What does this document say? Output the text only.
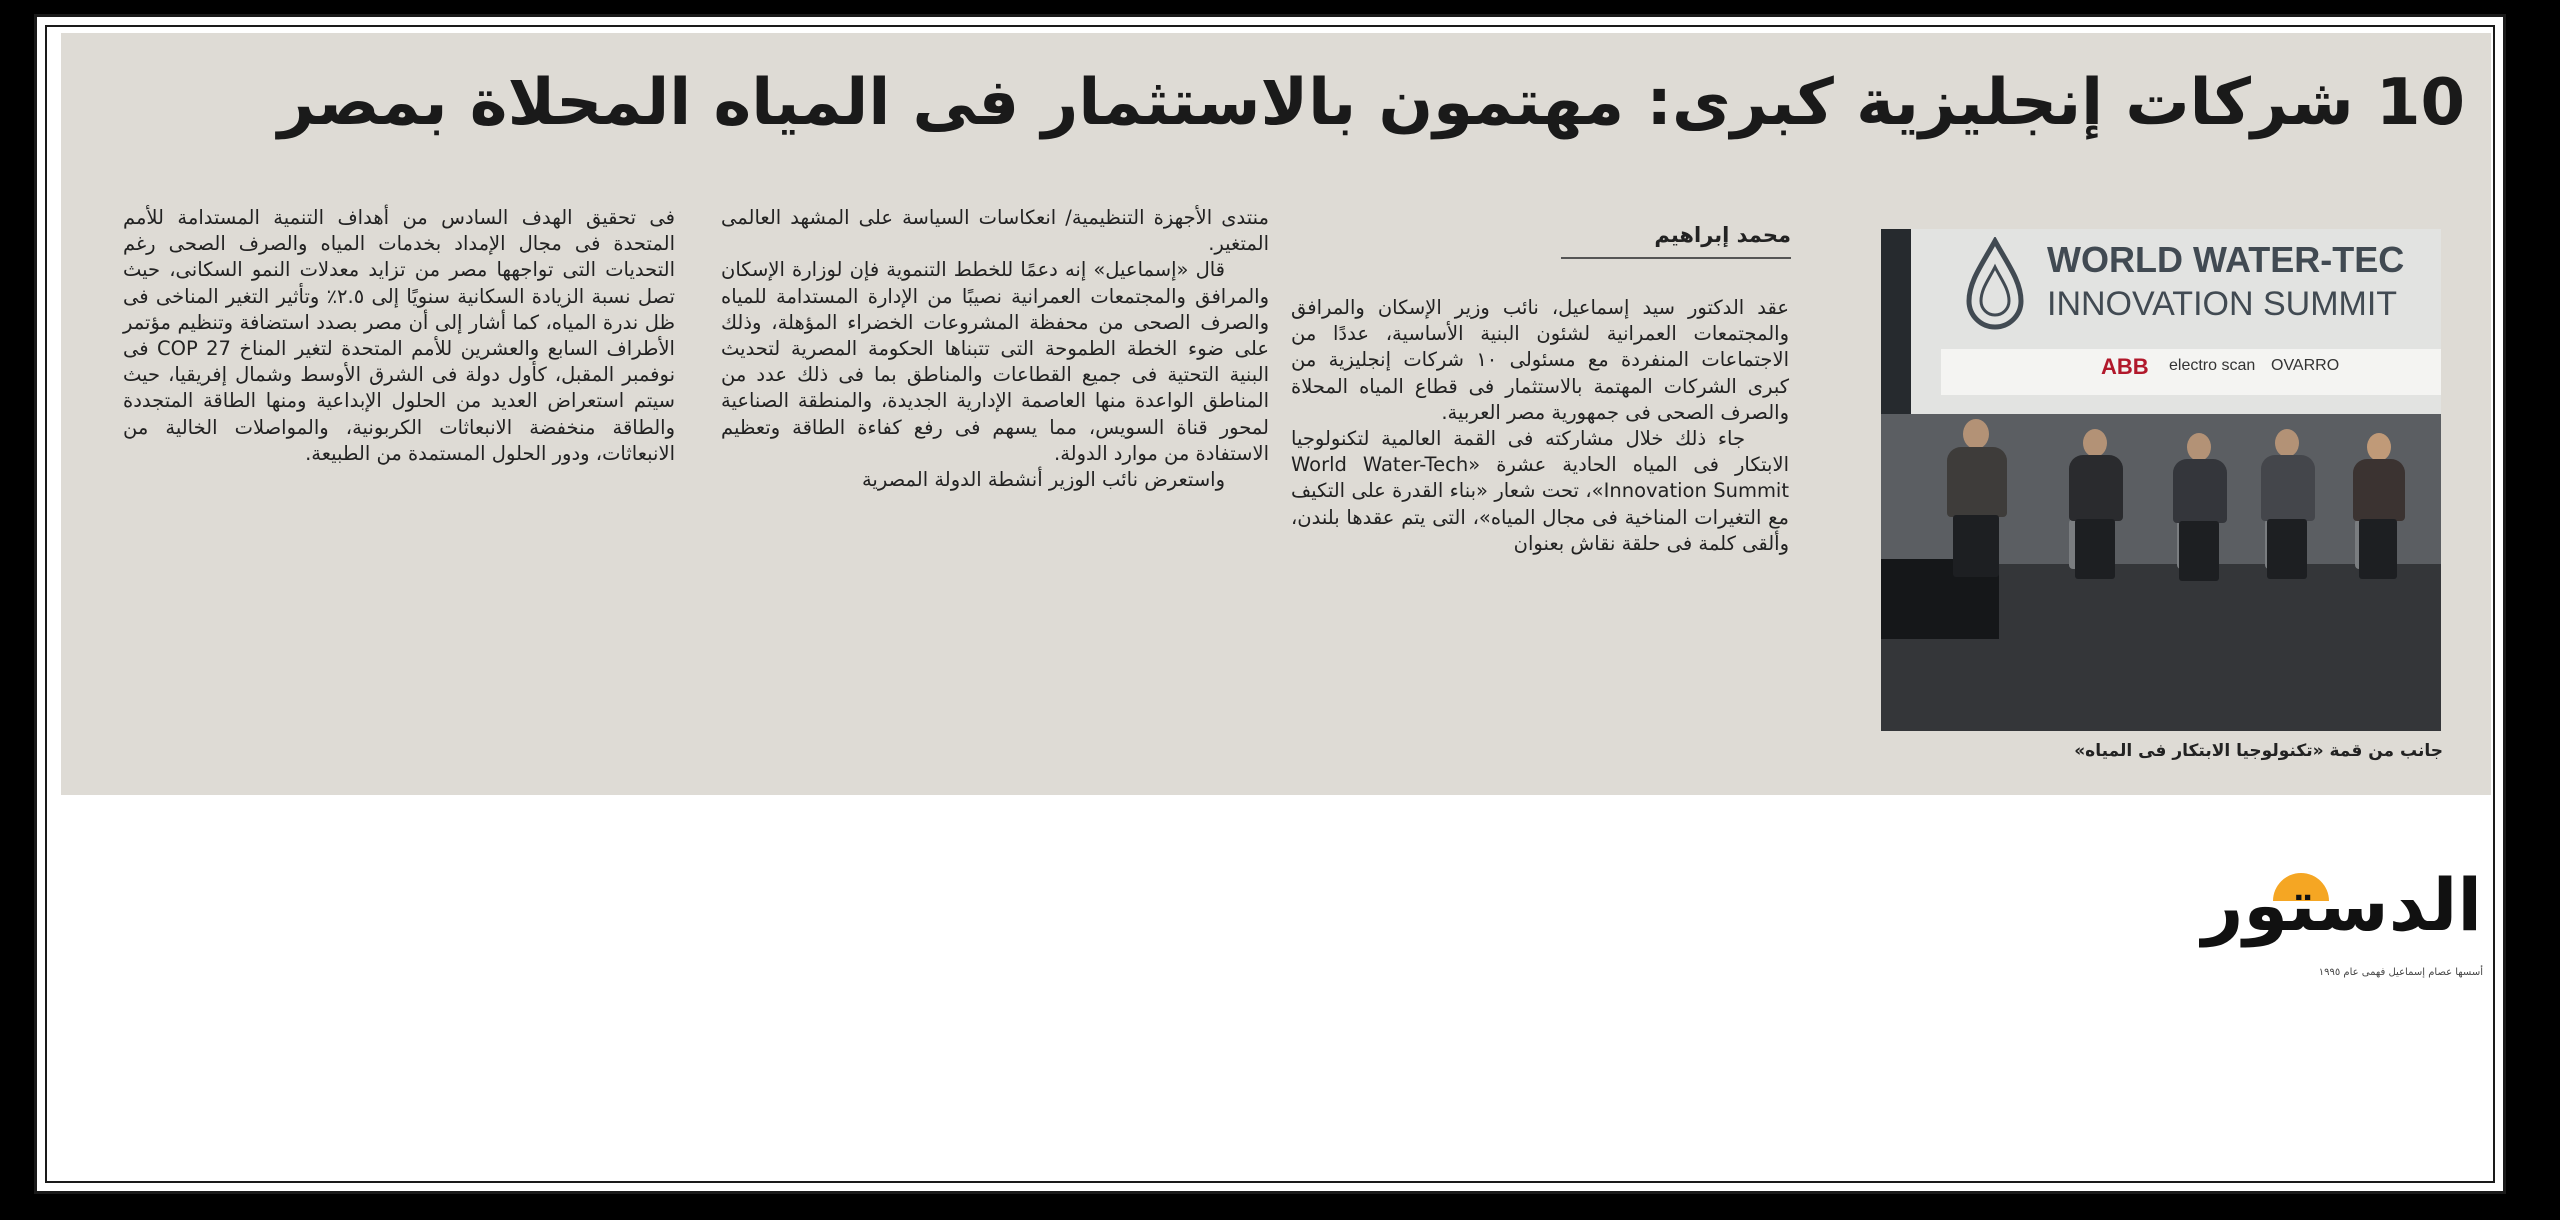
10 شركات إنجليزية كبرى: مهتمون بالاستثمار فى المياه المحلاة بمصر
محمد إبراهيم

عقد الدكتور سيد إسماعيل، نائب وزير الإسكان والمرافق والمجتمعات العمرانية لشئون البنية الأساسية، عددًا من الاجتماعات المنفردة مع مسئولى ١٠ شركات إنجليزية من كبرى الشركات المهتمة بالاستثمار فى قطاع المياه المحلاة والصرف الصحى فى جمهورية مصر العربية.

جاء ذلك خلال مشاركته فى القمة العالمية لتكنولوجيا الابتكار فى المياه الحادية عشرة «World Water-Tech Innovation Summit»، تحت شعار «بناء القدرة على التكيف مع التغيرات المناخية فى مجال المياه»، التى يتم عقدها بلندن، وألقى كلمة فى حلقة نقاش بعنوان

منتدى الأجهزة التنظيمية/ انعكاسات السياسة على المشهد العالمى المتغير.

قال «إسماعيل» إنه دعمًا للخطط التنموية فإن لوزارة الإسكان والمرافق والمجتمعات العمرانية نصيبًا من الإدارة المستدامة للمياه والصرف الصحى من محفظة المشروعات الخضراء المؤهلة، وذلك على ضوء الخطة الطموحة التى تتبناها الحكومة المصرية لتحديث البنية التحتية فى جميع القطاعات والمناطق بما فى ذلك عدد من المناطق الواعدة منها العاصمة الإدارية الجديدة، والمنطقة الصناعية لمحور قناة السويس، مما يسهم فى رفع كفاءة الطاقة وتعظيم الاستفادة من موارد الدولة.

واستعرض نائب الوزير أنشطة الدولة المصرية

فى تحقيق الهدف السادس من أهداف التنمية المستدامة للأمم المتحدة فى مجال الإمداد بخدمات المياه والصرف الصحى رغم التحديات التى تواجهها مصر من تزايد معدلات النمو السكانى، حيث تصل نسبة الزيادة السكانية سنويًا إلى ٢.٥٪ وتأثير التغير المناخى فى ظل ندرة المياه، كما أشار إلى أن مصر بصدد استضافة وتنظيم مؤتمر الأطراف السابع والعشرين للأمم المتحدة لتغير المناخ COP 27 فى نوفمبر المقبل، كأول دولة فى الشرق الأوسط وشمال إفريقيا، حيث سيتم استعراض العديد من الحلول الإبداعية ومنها الطاقة المتجددة والطاقة منخفضة الانبعاثات الكربونية، والمواصلات الخالية من الانبعاثات، ودور الحلول المستمدة من الطبيعة.

WORLD WATER-TEC
INNOVATION SUMMIT
ABB electro scan OVARRO
جانب من قمة «تكنولوجيا الابتكار فى المياه»
الدستور
أسسها عصام إسماعيل فهمى عام ١٩٩٥
